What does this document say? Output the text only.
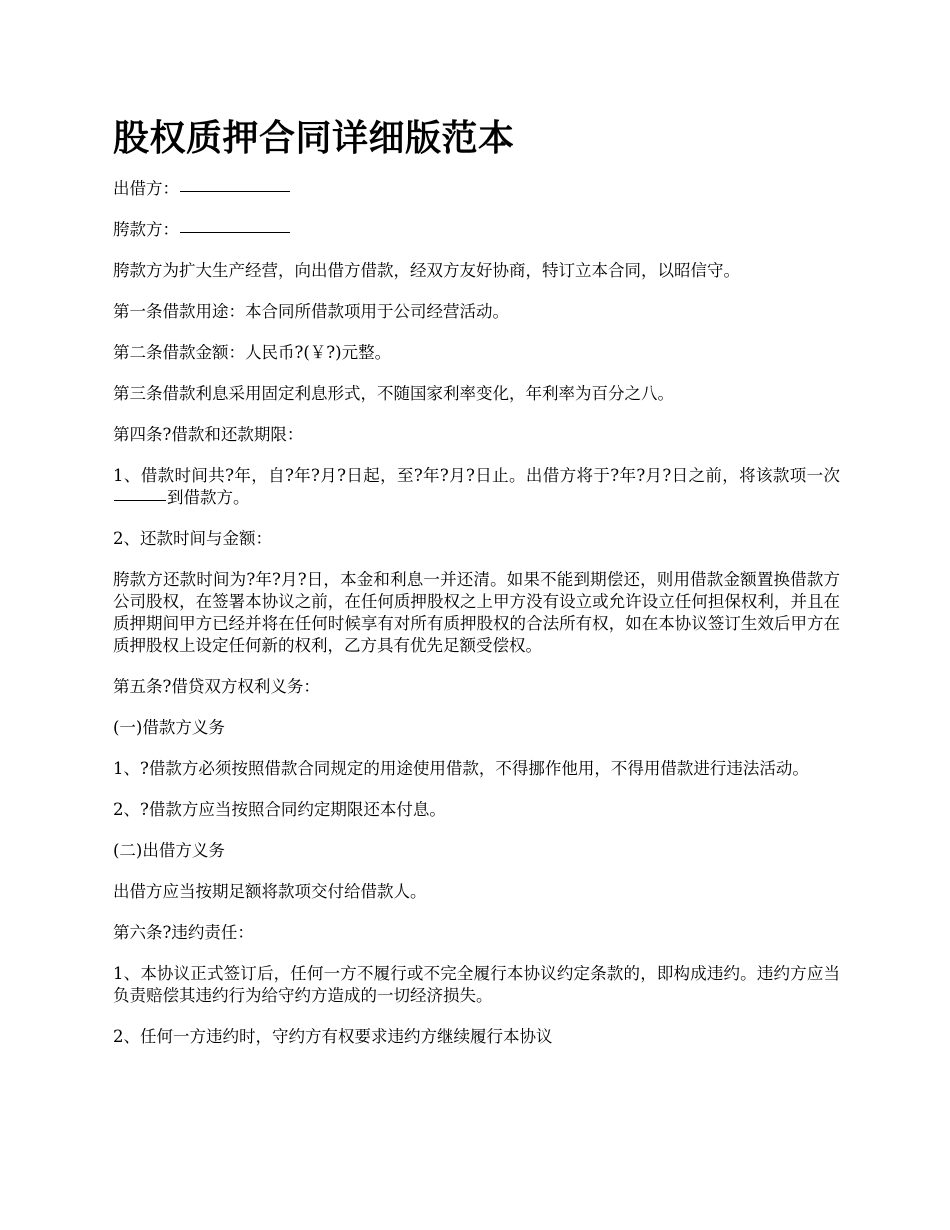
股权质押合同详细版范本

出借方：

胯款方：

胯款方为扩大生产经营，向出借方借款，经双方友好协商，特订立本合同，以昭信守。

第一条借款用途：本合同所借款项用于公司经营活动。

第二条借款金额：人民币?(￥?)元整。

第三条借款利息采用固定利息形式，不随国家利率变化，年利率为百分之八。

第四条?借款和还款期限：

1、借款时间共?年，自?年?月?日起，至?年?月?日止。出借方将于?年?月?日之前，将该款项一次到借款方。

2、还款时间与金额：

胯款方还款时间为?年?月?日，本金和利息一并还清。如果不能到期偿还，则用借款金额置换借款方公司股权，在签署本协议之前，在任何质押股权之上甲方没有设立或允许设立任何担保权利，并且在质押期间甲方已经并将在任何时候享有对所有质押股权的合法所有权，如在本协议签订生效后甲方在质押股权上设定任何新的权利，乙方具有优先足额受偿权。

第五条?借贷双方权利义务：

(一)借款方义务

1、?借款方必须按照借款合同规定的用途使用借款，不得挪作他用，不得用借款进行违法活动。

2、?借款方应当按照合同约定期限还本付息。

(二)出借方义务

出借方应当按期足额将款项交付给借款人。

第六条?违约责任：

1、本协议正式签订后，任何一方不履行或不完全履行本协议约定条款的，即构成违约。违约方应当负责赔偿其违约行为给守约方造成的一切经济损失。

2、任何一方违约时，守约方有权要求违约方继续履行本协议
